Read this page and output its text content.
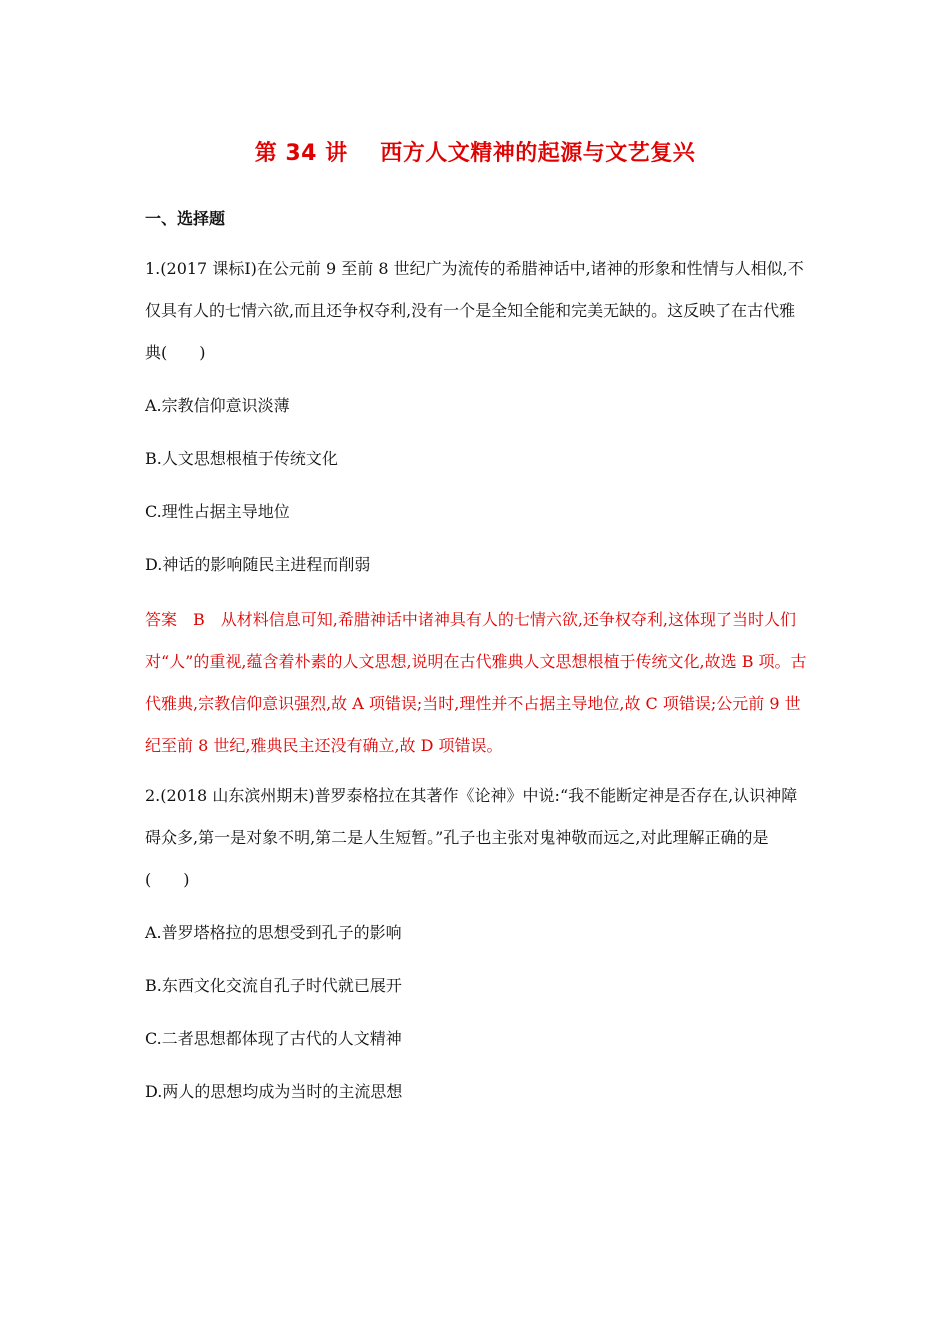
第 34 讲    西方人文精神的起源与文艺复兴
一、选择题
1.(2017 课标Ⅰ)在公元前 9 至前 8 世纪广为流传的希腊神话中,诸神的形象和性情与人相似,不仅具有人的七情六欲,而且还争权夺利,没有一个是全知全能和完美无缺的。这反映了在古代雅典(　　)
A.宗教信仰意识淡薄
B.人文思想根植于传统文化
C.理性占据主导地位
D.神话的影响随民主进程而削弱
答案　B　从材料信息可知,希腊神话中诸神具有人的七情六欲,还争权夺利,这体现了当时人们对“人”的重视,蕴含着朴素的人文思想,说明在古代雅典人文思想根植于传统文化,故选 B 项。古代雅典,宗教信仰意识强烈,故 A 项错误;当时,理性并不占据主导地位,故 C 项错误;公元前 9 世纪至前 8 世纪,雅典民主还没有确立,故 D 项错误。
2.(2018 山东滨州期末)普罗泰格拉在其著作《论神》中说:“我不能断定神是否存在,认识神障碍众多,第一是对象不明,第二是人生短暂。”孔子也主张对鬼神敬而远之,对此理解正确的是(　　)
A.普罗塔格拉的思想受到孔子的影响
B.东西文化交流自孔子时代就已展开
C.二者思想都体现了古代的人文精神
D.两人的思想均成为当时的主流思想
